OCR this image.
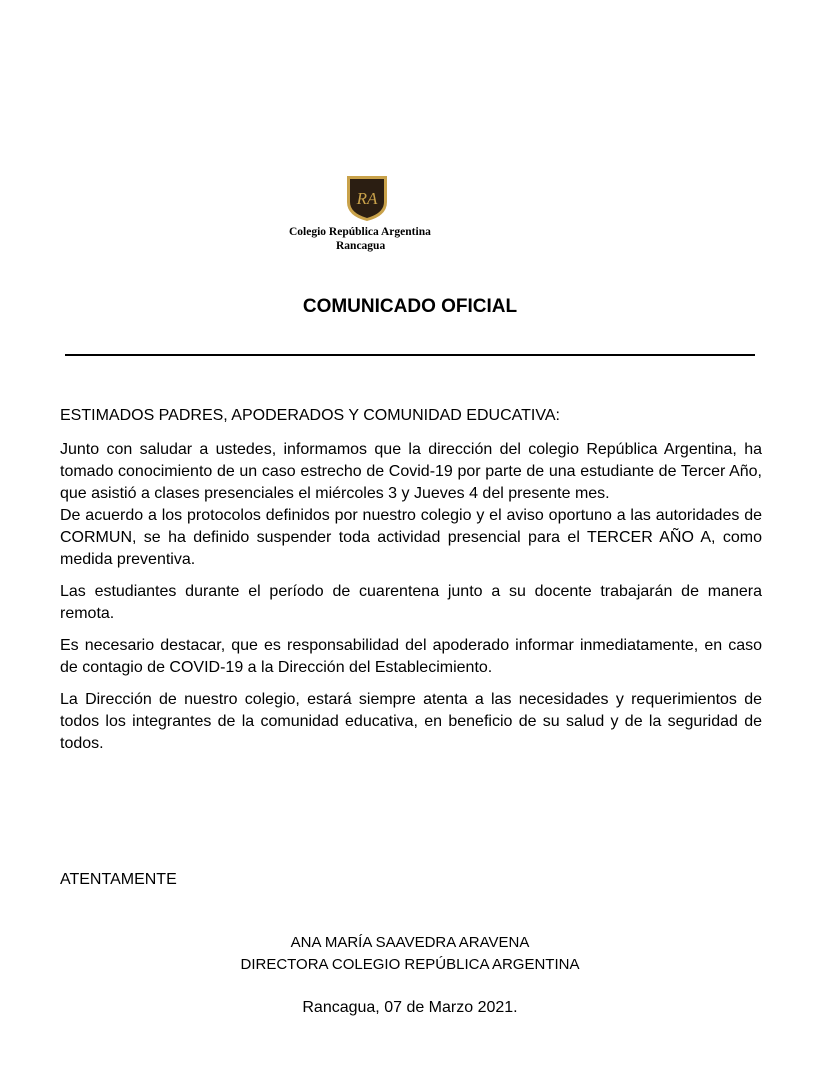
RA
Colegio República Argentina
Rancagua
COMUNICADO OFICIAL
ESTIMADOS PADRES, APODERADOS Y COMUNIDAD EDUCATIVA:

Junto con saludar a ustedes, informamos que la dirección del colegio República Argentina, ha tomado conocimiento de un caso estrecho de Covid-19 por parte de una estudiante de Tercer Año, que asistió a clases presenciales el miércoles 3 y Jueves 4 del presente mes.

De acuerdo a los protocolos definidos por nuestro colegio y el aviso oportuno a las autoridades de CORMUN, se ha definido suspender toda actividad presencial para el TERCER AÑO A, como medida preventiva.

Las estudiantes durante el período de cuarentena junto a su docente trabajarán de manera remota.

Es necesario destacar, que es responsabilidad del apoderado informar inmediatamente, en caso de contagio de COVID-19 a la Dirección del Establecimiento.

La Dirección de nuestro colegio, estará siempre atenta a las necesidades y requerimientos de todos los integrantes de la comunidad educativa, en beneficio de su salud y de la seguridad de todos.

ATENTAMENTE
ANA MARÍA SAAVEDRA ARAVENA
DIRECTORA COLEGIO REPÚBLICA ARGENTINA
Rancagua, 07 de Marzo 2021.
